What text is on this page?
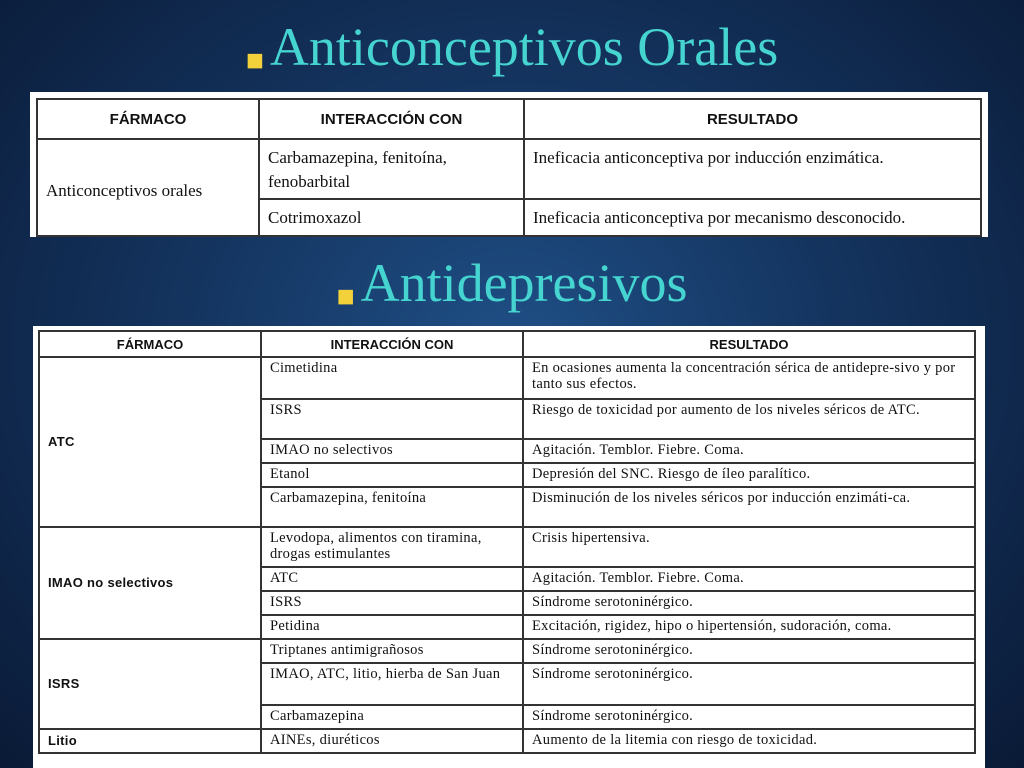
■ Anticonceptivos Orales
FÁRMACO	INTERACCIÓN CON	RESULTADO
Anticonceptivos orales	Carbamazepina, fenitoína, fenobarbital	Ineficacia anticonceptiva por inducción enzimática.
	Cotrimoxazol	Ineficacia anticonceptiva por mecanismo desconocido.
■ Antidepresivos
FÁRMACO	INTERACCIÓN CON	RESULTADO
ATC	Cimetidina	En ocasiones aumenta la concentración sérica de antidepre-sivo y por tanto sus efectos.
	ISRS	Riesgo de toxicidad por aumento de los niveles séricos de ATC.
	IMAO no selectivos	Agitación. Temblor. Fiebre. Coma.
	Etanol	Depresión del SNC. Riesgo de íleo paralítico.
	Carbamazepina, fenitoína	Disminución de los niveles séricos por inducción enzimáti-ca.
IMAO no selectivos	Levodopa, alimentos con tiramina, drogas estimulantes	Crisis hipertensiva.
	ATC	Agitación. Temblor. Fiebre. Coma.
	ISRS	Síndrome serotoninérgico.
	Petidina	Excitación, rigidez, hipo o hipertensión, sudoración, coma.
ISRS	Triptanes antimigrañosos	Síndrome serotoninérgico.
	IMAO, ATC, litio, hierba de San Juan	Síndrome serotoninérgico.
	Carbamazepina	Síndrome serotoninérgico.
Litio	AINEs, diuréticos	Aumento de la litemia con riesgo de toxicidad.
